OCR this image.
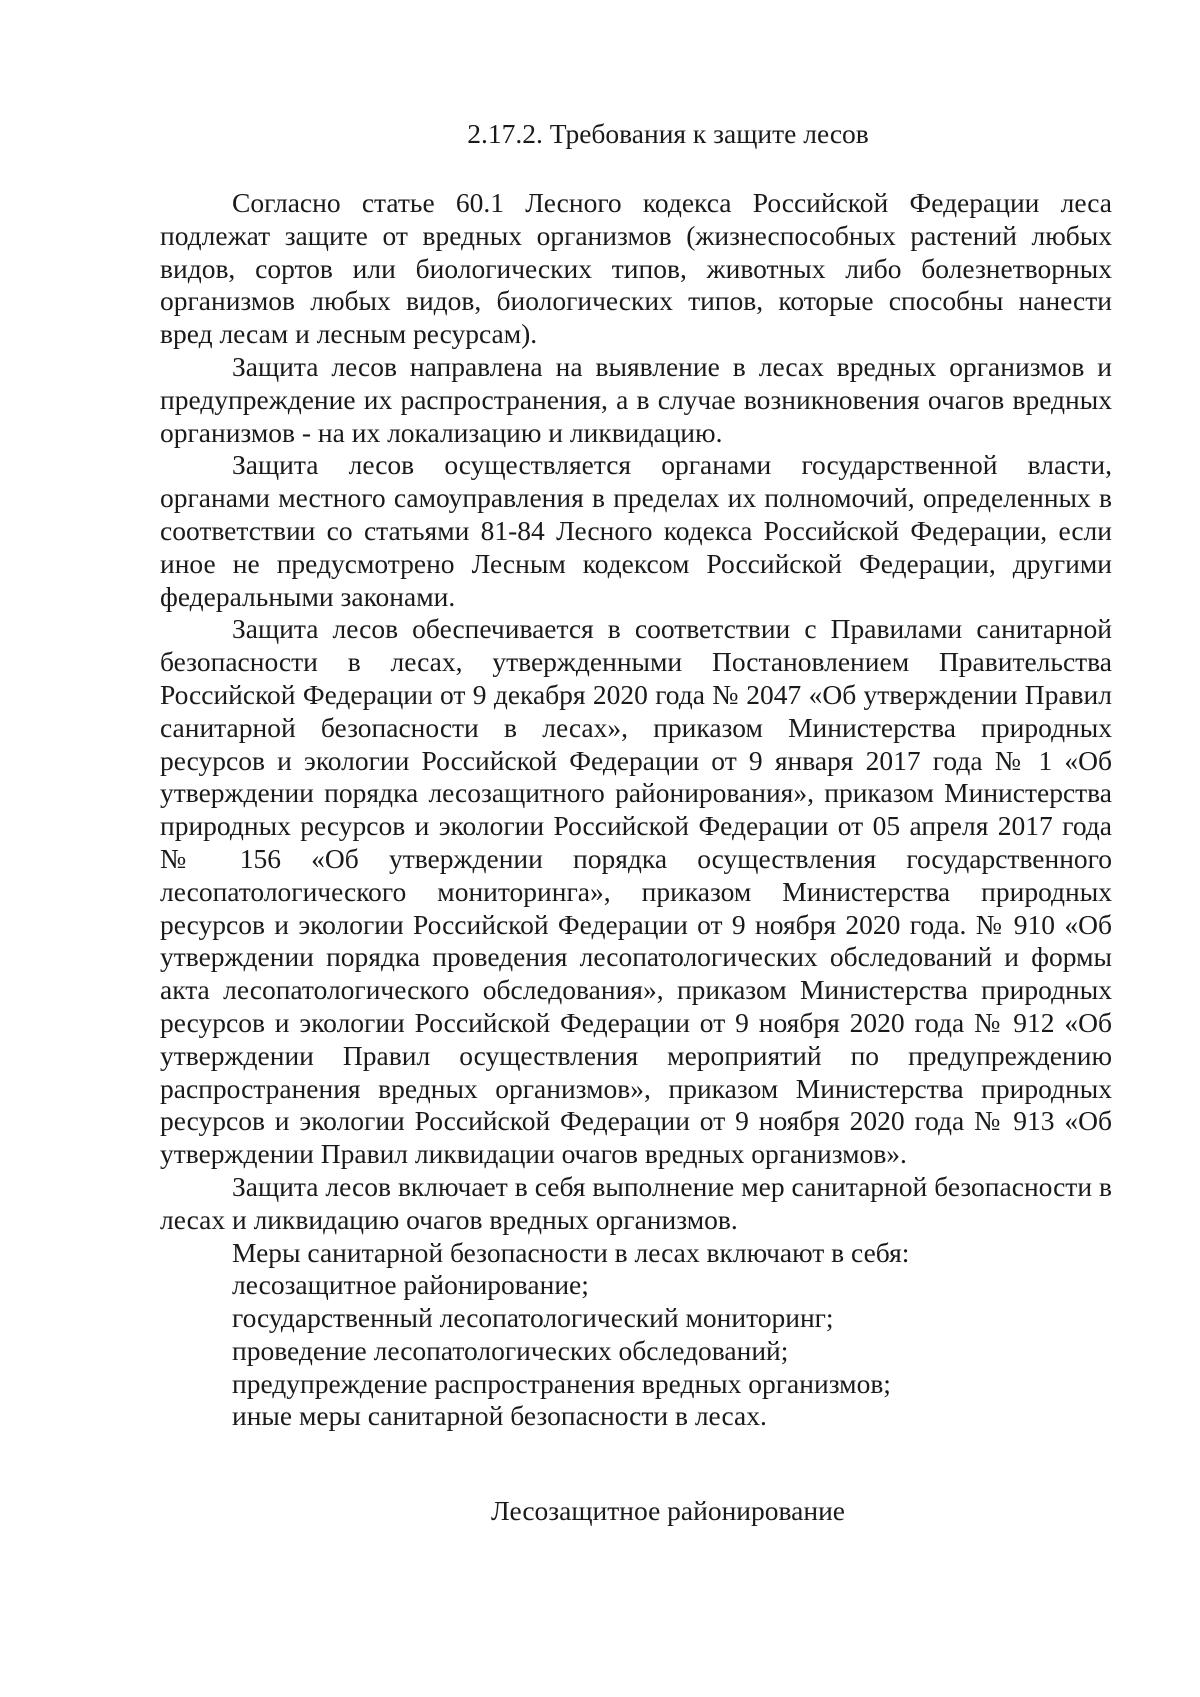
2.17.2. Требования к защите лесов

Согласно статье 60.1 Лесного кодекса Российской Федерации леса подлежат защите от вредных организмов (жизнеспособных растений любых видов, сортов или биологических типов, животных либо болезнетворных организмов любых видов, биологических типов, которые способны нанести вред лесам и лесным ресурсам).

Защита лесов направлена на выявление в лесах вредных организмов и предупреждение их распространения, а в случае возникновения очагов вредных организмов - на их локализацию и ликвидацию.

Защита лесов осуществляется органами государственной власти, органами местного самоуправления в пределах их полномочий, определенных в соответствии со статьями 81-84 Лесного кодекса Российской Федерации, если иное не предусмотрено Лесным кодексом Российской Федерации, другими федеральными законами.

Защита лесов обеспечивается в соответствии с Правилами санитарной безопасности в лесах, утвержденными Постановлением Правительства Российской Федерации от 9 декабря 2020 года № 2047 «Об утверждении Правил санитарной безопасности в лесах», приказом Министерства природных ресурсов и экологии Российской Федерации от 9 января 2017 года № 1 «Об утверждении порядка лесозащитного районирования», приказом Министерства природных ресурсов и экологии Российской Федерации от 05 апреля 2017 года № 156 «Об утверждении порядка осуществления государственного лесопатологического мониторинга», приказом Министерства природных ресурсов и экологии Российской Федерации от 9 ноября 2020 года. № 910 «Об утверждении порядка проведения лесопатологических обследований и формы акта лесопатологического обследования», приказом Министерства природных ресурсов и экологии Российской Федерации от 9 ноября 2020 года № 912 «Об утверждении Правил осуществления мероприятий по предупреждению распространения вредных организмов», приказом Министерства природных ресурсов и экологии Российской Федерации от 9 ноября 2020 года № 913 «Об утверждении Правил ликвидации очагов вредных организмов».

Защита лесов включает в себя выполнение мер санитарной безопасности в лесах и ликвидацию очагов вредных организмов.

Меры санитарной безопасности в лесах включают в себя:
лесозащитное районирование;
государственный лесопатологический мониторинг;
проведение лесопатологических обследований;
предупреждение распространения вредных организмов;
иные меры санитарной безопасности в лесах.
Лесозащитное районирование
